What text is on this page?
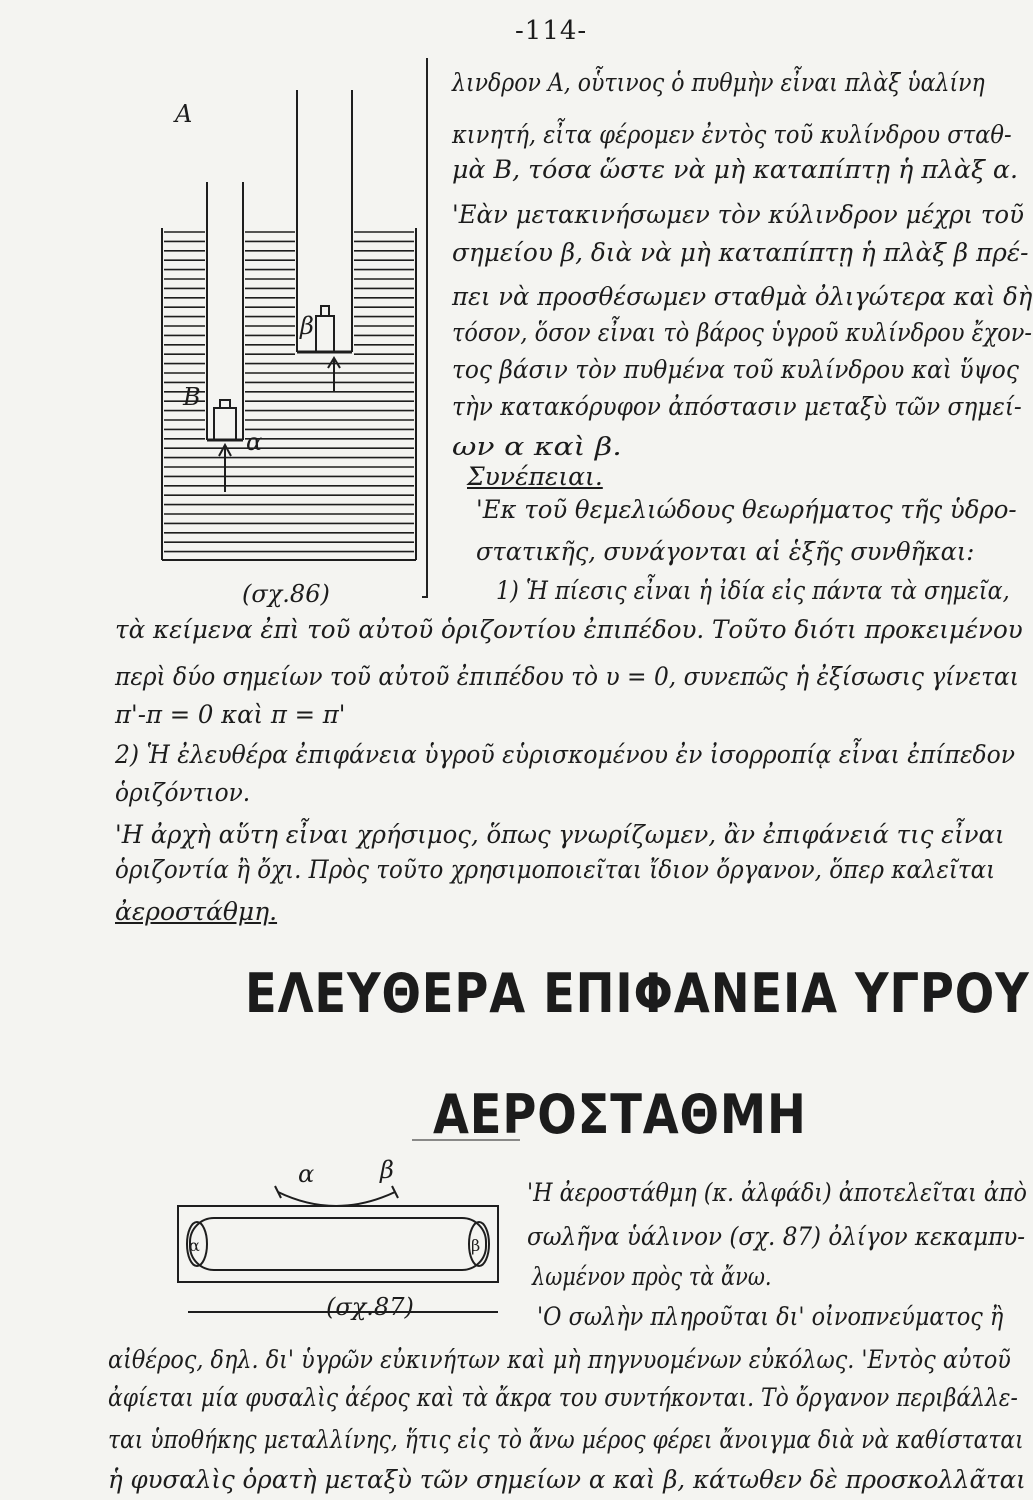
-114-
A
B
β
α
(σχ.86)
λινδρον Α, οὗτινος ὁ πυθμὴν εἶναι πλὰξ ὑαλίνη
κινητή, εἶτα φέρομεν ἐντὸς τοῦ κυλίνδρου σταθ-
μὰ Β, τόσα ὥστε νὰ μὴ καταπίπτῃ ἡ πλὰξ α.
'Εὰν μετακινήσωμεν τὸν κύλινδρον μέχρι τοῦ
σημείου β, διὰ νὰ μὴ καταπίπτῃ ἡ πλὰξ β πρέ-
πει νὰ προσθέσωμεν σταθμὰ ὀλιγώτερα καὶ δὴ
τόσον, ὅσον εἶναι τὸ βάρος ὑγροῦ κυλίνδρου ἔχον-
τος βάσιν τὸν πυθμένα τοῦ κυλίνδρου καὶ ὕψος
τὴν κατακόρυφον ἀπόστασιν μεταξὺ τῶν σημεί-
ων α καὶ β.
Συνέπειαι.
'Εκ τοῦ θεμελιώδους θεωρήματος τῆς ὑδρο-
στατικῆς, συνάγονται αἱ ἑξῆς συνθῆκαι:
1) Ἡ πίεσις εἶναι ἡ ἰδία εἰς πάντα τὰ σημεῖα,
τὰ κείμενα ἐπὶ τοῦ αὐτοῦ ὁριζοντίου ἐπιπέδου. Τοῦτο διότι προκειμένου
περὶ δύο σημείων τοῦ αὐτοῦ ἐπιπέδου τὸ υ = 0, συνεπῶς ἡ ἐξίσωσις γίνεται
π'-π = 0 καὶ π = π'
2) Ἡ ἐλευθέρα ἐπιφάνεια ὑγροῦ εὑρισκομένου ἐν ἰσορροπίᾳ εἶναι ἐπίπεδον
ὁριζόντιον.
'Η ἀρχὴ αὕτη εἶναι χρήσιμος, ὅπως γνωρίζωμεν, ἂν ἐπιφάνειά τις εἶναι
ὁριζοντία ἢ ὄχι. Πρὸς τοῦτο χρησιμοποιεῖται ἴδιον ὄργανον, ὅπερ καλεῖται
ἀεροστάθμη.
ΕΛΕΥΘΕΡΑ ΕΠΙΦΑΝΕΙΑ ΥΓΡΟΥ
ΑΕΡΟΣΤΑΘΜΗ
α	β
α	β
(σχ.87)
'Η ἀεροστάθμη (κ. ἀλφάδι) ἀποτελεῖται ἀπὸ
σωλῆνα ὑάλινον (σχ. 87) ὀλίγον κεκαμπυ-
λωμένον πρὸς τὰ ἄνω.
'Ο σωλὴν πληροῦται δι' οἰνοπνεύματος ἢ
αἰθέρος, δηλ. δι' ὑγρῶν εὐκινήτων καὶ μὴ πηγνυομένων εὐκόλως. 'Εντὸς αὐτοῦ
ἀφίεται μία φυσαλὶς ἀέρος καὶ τὰ ἄκρα του συντήκονται. Τὸ ὄργανον περιβάλλε-
ται ὑποθήκης μεταλλίνης, ἥτις εἰς τὸ ἄνω μέρος φέρει ἄνοιγμα διὰ νὰ καθίσταται
ἡ φυσαλὶς ὁρατὴ μεταξὺ τῶν σημείων α καὶ β, κάτωθεν δὲ προσκολλᾶται
